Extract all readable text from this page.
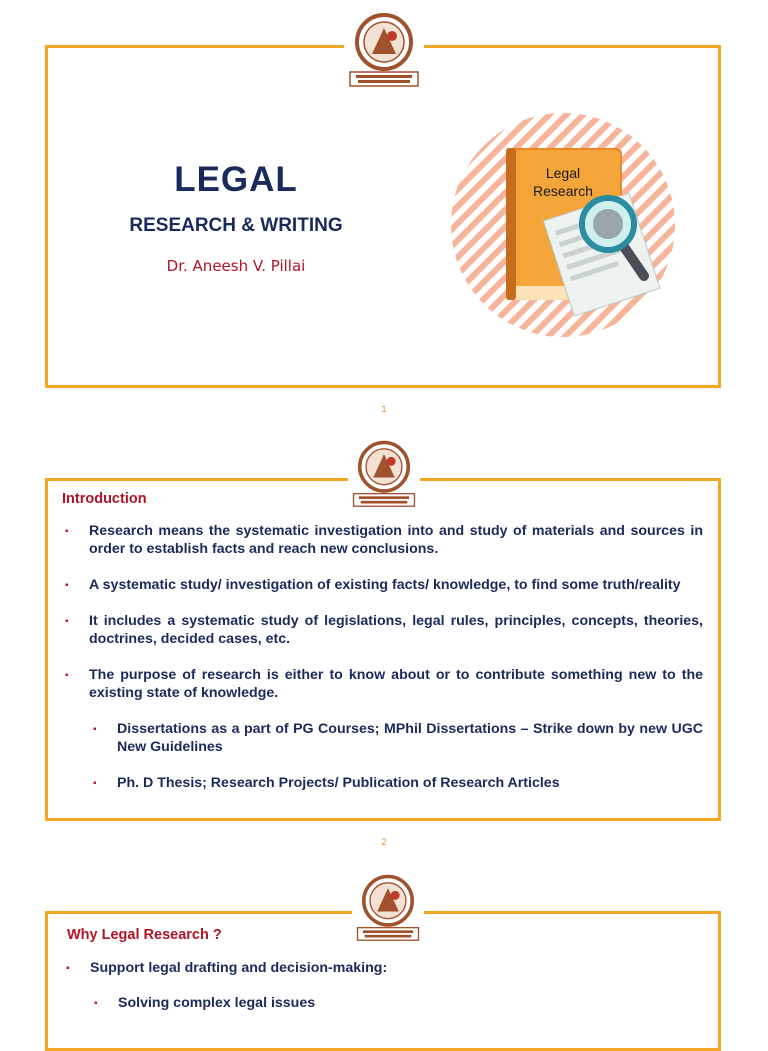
LEGAL
RESEARCH & WRITING
Dr. Aneesh V. Pillai
Legal
Research
1
Introduction
▪	Research means the systematic investigation into and study of materials and sources in order to establish facts and reach new conclusions.
▪	A systematic study/ investigation of existing facts/ knowledge, to find some truth/reality
▪	It includes a systematic study of legislations, legal rules, principles, concepts, theories, doctrines, decided cases, etc.
▪	The purpose of research is either to know about or to contribute something new to the existing state of knowledge.
▪	Dissertations as a part of PG Courses; MPhil Dissertations – Strike down by new UGC New Guidelines
▪	Ph. D Thesis; Research Projects/ Publication of Research Articles
2
Why Legal Research ?
▪	Support legal drafting and decision-making:
▪	Solving complex legal issues
